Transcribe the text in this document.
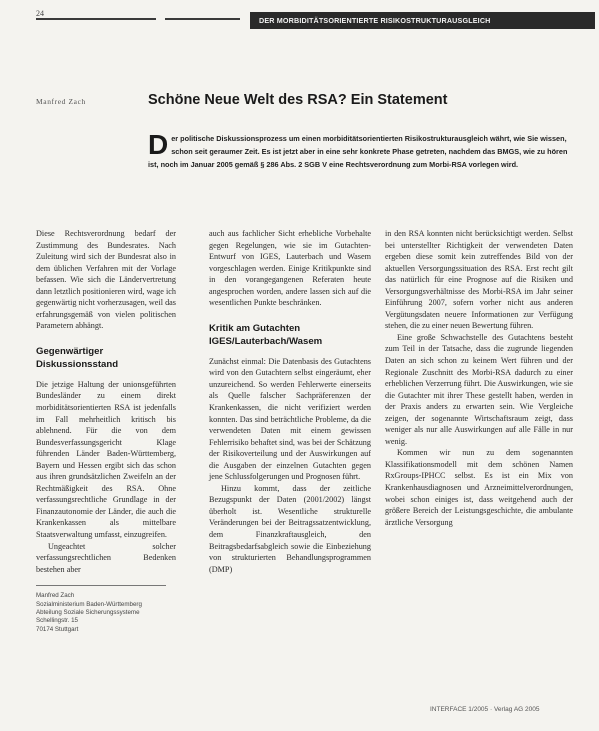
24
DER MORBIDITÄTSORIENTIERTE RISIKOSTRUKTURAUSGLEICH
Manfred Zach	Schöne Neue Welt des RSA? Ein Statement
D er politische Diskussionsprozess um einen morbiditätsorientierten Risikostrukturausgleich währt, wie Sie wissen, schon seit geraumer Zeit. Es ist jetzt aber in eine sehr konkrete Phase getreten, nachdem das BMGS, wie zu hören ist, noch im Januar 2005 gemäß § 286 Abs. 2 SGB V eine Rechtsverordnung zum Morbi-RSA vorlegen wird.

Diese Rechtsverordnung bedarf der Zustimmung des Bundesrates. Nach Zuleitung wird sich der Bundesrat also in dem üblichen Verfahren mit der Vorlage befassen. Wie sich die Ländervertretung dann letztlich positionieren wird, wage ich gegenwärtig nicht vorherzusagen, weil das erfahrungsgemäß von vielen politischen Parametern abhängt.

Gegenwärtiger Diskussionsstand

Die jetzige Haltung der unionsgeführten Bundesländer zu einem direkt morbiditätsorientierten RSA ist jedenfalls im Fall mehrheitlich kritisch bis ablehnend. Für die von dem Bundesverfassungsgericht Klage führenden Länder Baden-Württemberg, Bayern und Hessen ergibt sich das schon aus ihren grundsätzlichen Zweifeln an der Rechtmäßigkeit des RSA. Ohne verfassungsrechtliche Grundlage in der Finanzautonomie der Länder, die auch die Krankenkassen als mittelbare Staatsverwaltung umfasst, einzugreifen.

Ungeachtet solcher verfassungsrechtlichen Bedenken bestehen aber

Manfred Zach
Sozialministerium Baden-Württemberg
Abteilung Soziale Sicherungssysteme
Schellingstr. 15
70174 Stuttgart

auch aus fachlicher Sicht erhebliche Vorbehalte gegen Regelungen, wie sie im Gutachten-Entwurf von IGES, Lauterbach und Wasem vorgeschlagen werden. Einige Kritikpunkte sind in den vorangegangenen Referaten heute angesprochen worden, andere lassen sich auf die wesentlichen Punkte beschränken.

Kritik am Gutachten IGES/Lauterbach/Wasem

Zunächst einmal: Die Datenbasis des Gutachtens wird von den Gutachtern selbst eingeräumt, eher unzureichend. So werden Fehlerwerte einerseits als Quelle falscher Sachpräferenzen der Krankenkassen, die nicht verifiziert werden konnten. Das sind beträchtliche Probleme, da die verwendeten Daten mit einem gewissen Fehlerrisiko behaftet sind, was bei der Schätzung der Risikoverteilung und der Auswirkungen auf die Ausgaben der einzelnen Gutachten gegen jene Schlussfolgerungen und Prognosen führt.

Hinzu kommt, dass der zeitliche Bezugspunkt der Daten (2001/2002) längst überholt ist. Wesentliche strukturelle Veränderungen bei der Beitragssatzentwicklung, dem Finanzkraftausgleich, den Beitragsbedarfsabgleich sowie die Einbeziehung von strukturierten Behandlungsprogrammen (DMP)

in den RSA konnten nicht berücksichtigt werden. Selbst bei unterstellter Richtigkeit der verwendeten Daten ergeben diese somit kein zutreffendes Bild von der aktuellen Versorgungssituation des RSA. Erst recht gilt das natürlich für eine Prognose auf die Risiken und Versorgungsverhältnisse des Morbi-RSA im Jahr seiner Einführung 2007, sofern vorher nicht aus anderen Vergütungsdaten neuere Informationen zur Verfügung stehen, die zu einer neuen Bewertung führen.

Eine große Schwachstelle des Gutachtens besteht zum Teil in der Tatsache, dass die zugrunde liegenden Daten an sich schon zu keinem Wert führen und der Regionale Zuschnitt des Morbi-RSA dadurch zu einer erheblichen Verzerrung führt. Die Auswirkungen, wie sie die Gutachter mit ihrer These gestellt haben, werden in der Praxis anders zu erwarten sein. Wie Vergleiche zeigen, der sogenannte Wirtschaftsraum zeigt, dass weniger als nur alle Auswirkungen auf alle Fälle in nur wenig.

Kommen wir nun zu dem sogenannten Klassifikationsmodell mit dem schönen Namen RxGroups-IPHCC selbst. Es ist ein Mix von Krankenhausdiagnosen und Arzneimittelverordnungen, wobei schon einiges ist, dass weitgehend auch der größere Bereich der Leistungsgeschichte, die ambulante ärztliche Versorgung

INTERFACE 1/2005 · Verlag AG 2005
